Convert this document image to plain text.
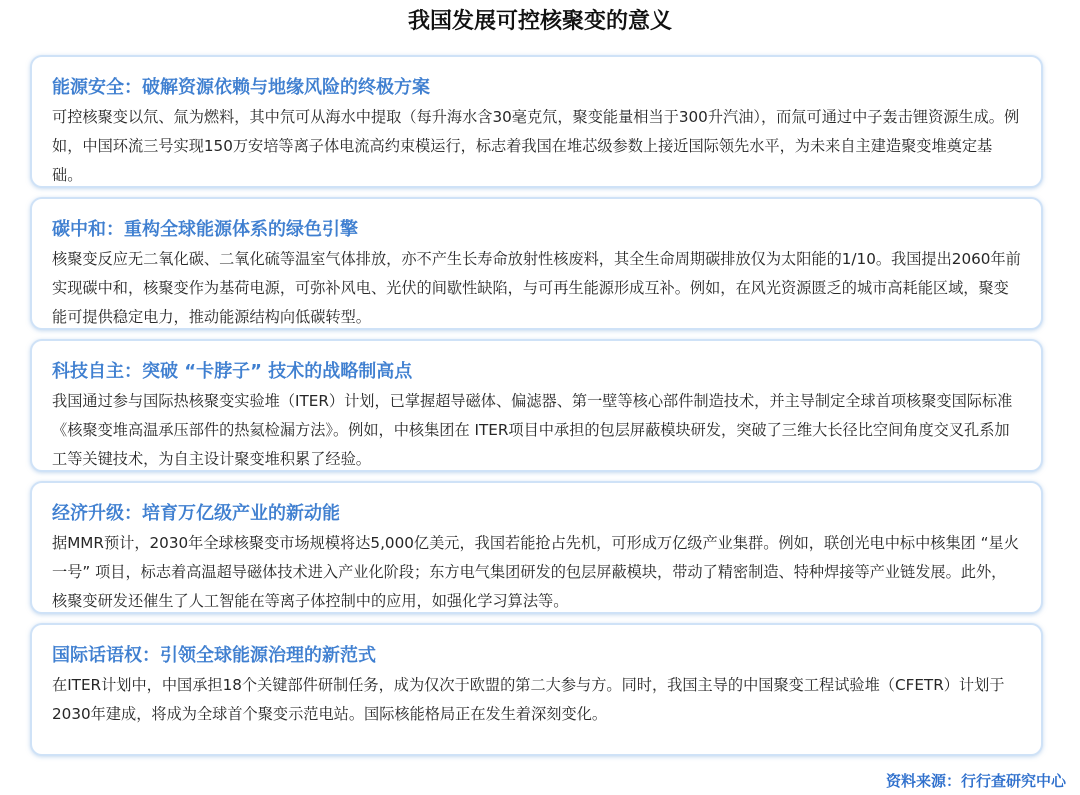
我国发展可控核聚变的意义
能源安全：破解资源依赖与地缘风险的终极方案
可控核聚变以氘、氚为燃料，其中氘可从海水中提取（每升海水含30毫克氘，聚变能量相当于300升汽油），而氚可通过中子轰击锂资源生成。例如，中国环流三号实现150万安培等离子体电流高约束模运行，标志着我国在堆芯级参数上接近国际领先水平，为未来自主建造聚变堆奠定基础。
碳中和：重构全球能源体系的绿色引擎
核聚变反应无二氧化碳、二氧化硫等温室气体排放，亦不产生长寿命放射性核废料，其全生命周期碳排放仅为太阳能的1/10。我国提出2060年前实现碳中和，核聚变作为基荷电源，可弥补风电、光伏的间歇性缺陷，与可再生能源形成互补。例如，在风光资源匮乏的城市高耗能区域，聚变能可提供稳定电力，推动能源结构向低碳转型。
科技自主：突破 “卡脖子” 技术的战略制高点
我国通过参与国际热核聚变实验堆（ITER）计划，已掌握超导磁体、偏滤器、第一壁等核心部件制造技术，并主导制定全球首项核聚变国际标准《核聚变堆高温承压部件的热氦检漏方法》。例如，中核集团在 ITER项目中承担的包层屏蔽模块研发，突破了三维大长径比空间角度交叉孔系加工等关键技术，为自主设计聚变堆积累了经验。
经济升级：培育万亿级产业的新动能
据MMR预计，2030年全球核聚变市场规模将达5,000亿美元，我国若能抢占先机，可形成万亿级产业集群。例如，联创光电中标中核集团 “星火一号” 项目，标志着高温超导磁体技术进入产业化阶段；东方电气集团研发的包层屏蔽模块，带动了精密制造、特种焊接等产业链发展。此外，核聚变研发还催生了人工智能在等离子体控制中的应用，如强化学习算法等。
国际话语权：引领全球能源治理的新范式
在ITER计划中，中国承担18个关键部件研制任务，成为仅次于欧盟的第二大参与方。同时，我国主导的中国聚变工程试验堆（CFETR）计划于2030年建成，将成为全球首个聚变示范电站。国际核能格局正在发生着深刻变化。
资料来源：行行查研究中心
